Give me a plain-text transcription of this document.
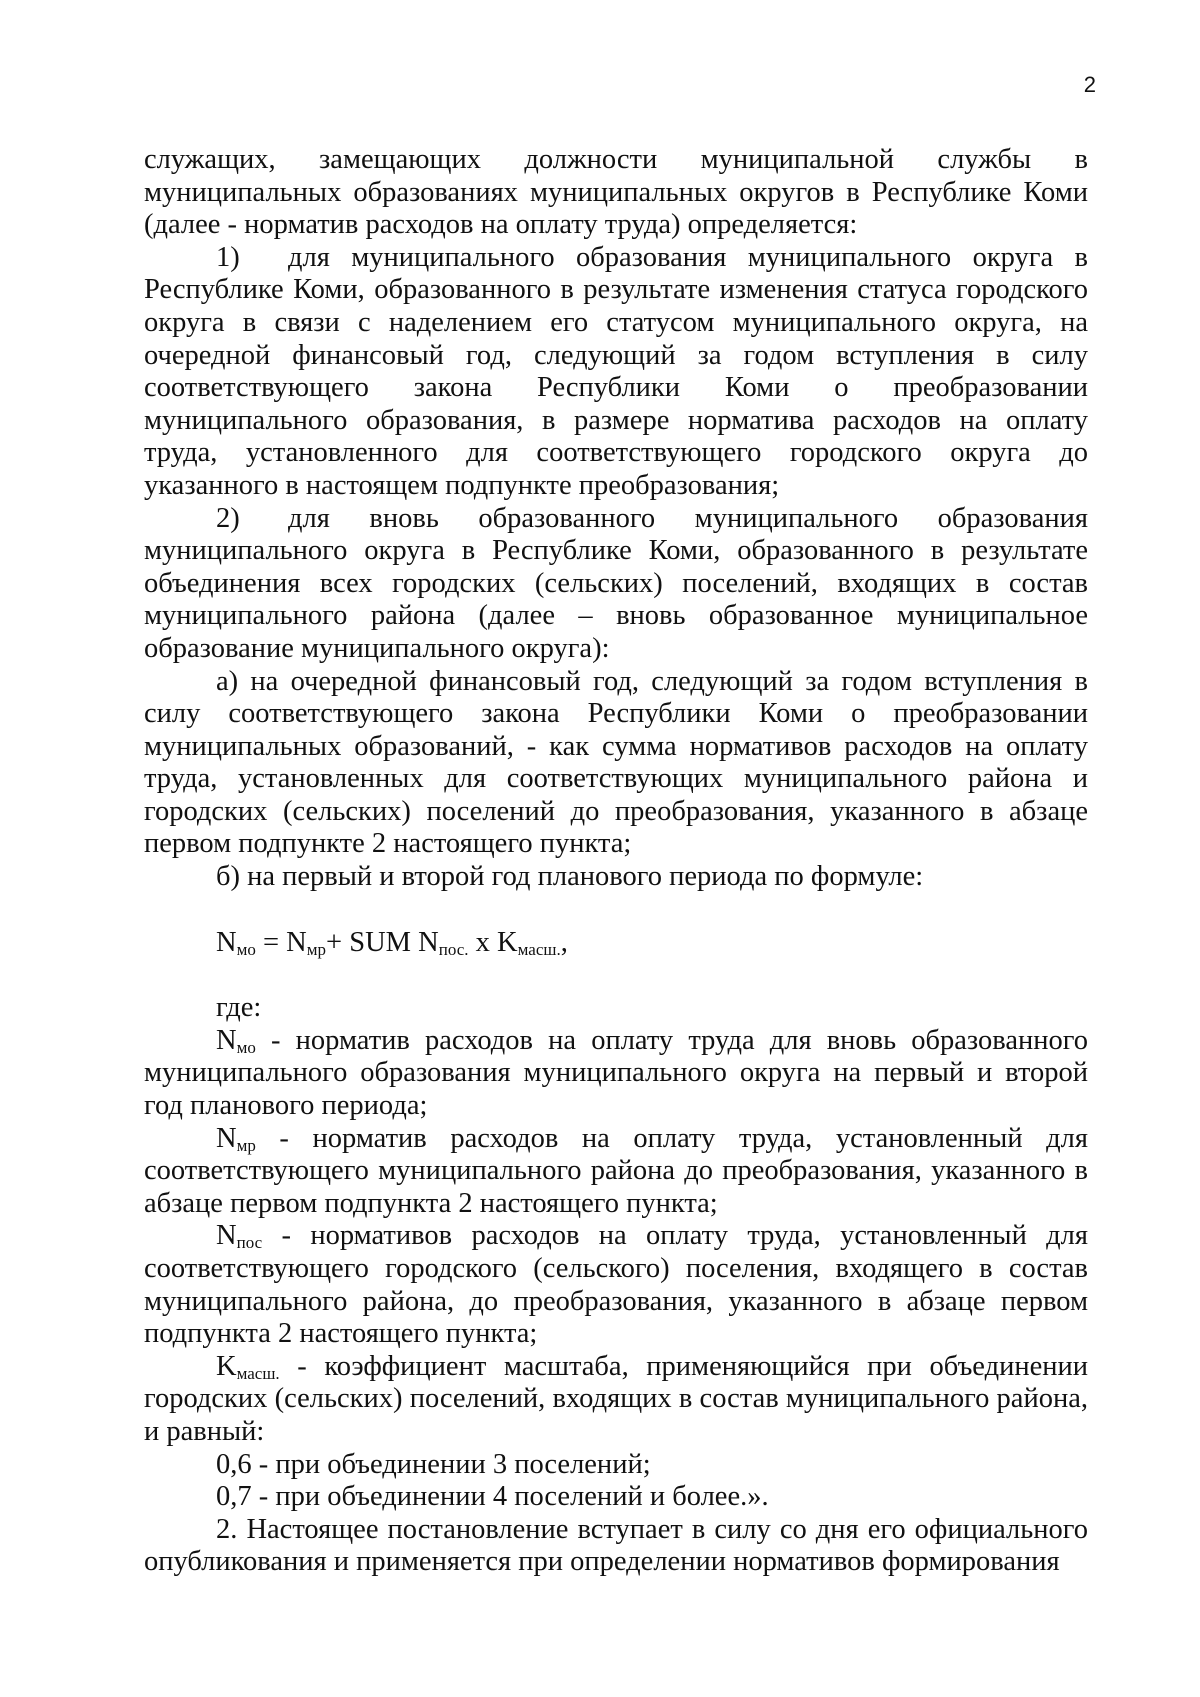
2

служащих, замещающих должности муниципальной службы в муниципальных образованиях муниципальных округов в Республике Коми (далее - норматив расходов на оплату труда) определяется:

1) для муниципального образования муниципального округа в Республике Коми, образованного в результате изменения статуса городского округа в связи с наделением его статусом муниципального округа, на очередной финансовый год, следующий за годом вступления в силу соответствующего закона Республики Коми о преобразовании муниципального образования, в размере норматива расходов на оплату труда, установленного для соответствующего городского округа до указанного в настоящем подпункте преобразования;

2) для вновь образованного муниципального образования муниципального округа в Республике Коми, образованного в результате объединения всех городских (сельских) поселений, входящих в состав муниципального района (далее – вновь образованное муниципальное образование муниципального округа):

а) на очередной финансовый год, следующий за годом вступления в силу соответствующего закона Республики Коми о преобразовании муниципальных образований, - как сумма нормативов расходов на оплату труда, установленных для соответствующих муниципального района и городских (сельских) поселений до преобразования, указанного в абзаце первом подпункте 2 настоящего пункта;

б) на первый и второй год планового периода по формуле:

$N_{мо} = N_{мр}+$ SUM $N_{пос.}$ x $K_{масш.}$,

где:

$N_{мо}$ - норматив расходов на оплату труда для вновь образованного муниципального образования муниципального округа на первый и второй год планового периода;

$N_{мр}$ - норматив расходов на оплату труда, установленный для соответствующего муниципального района до преобразования, указанного в абзаце первом подпункта 2 настоящего пункта;

$N_{пос}$ - нормативов расходов на оплату труда, установленный для соответствующего городского (сельского) поселения, входящего в состав муниципального района, до преобразования, указанного в абзаце первом подпункта 2 настоящего пункта;

$K_{масш.}$ - коэффициент масштаба, применяющийся при объединении городских (сельских) поселений, входящих в состав муниципального района, и равный:

0,6 - при объединении 3 поселений;

0,7 - при объединении 4 поселений и более.».

2. Настоящее постановление вступает в силу со дня его официального опубликования и применяется при определении нормативов формирования
